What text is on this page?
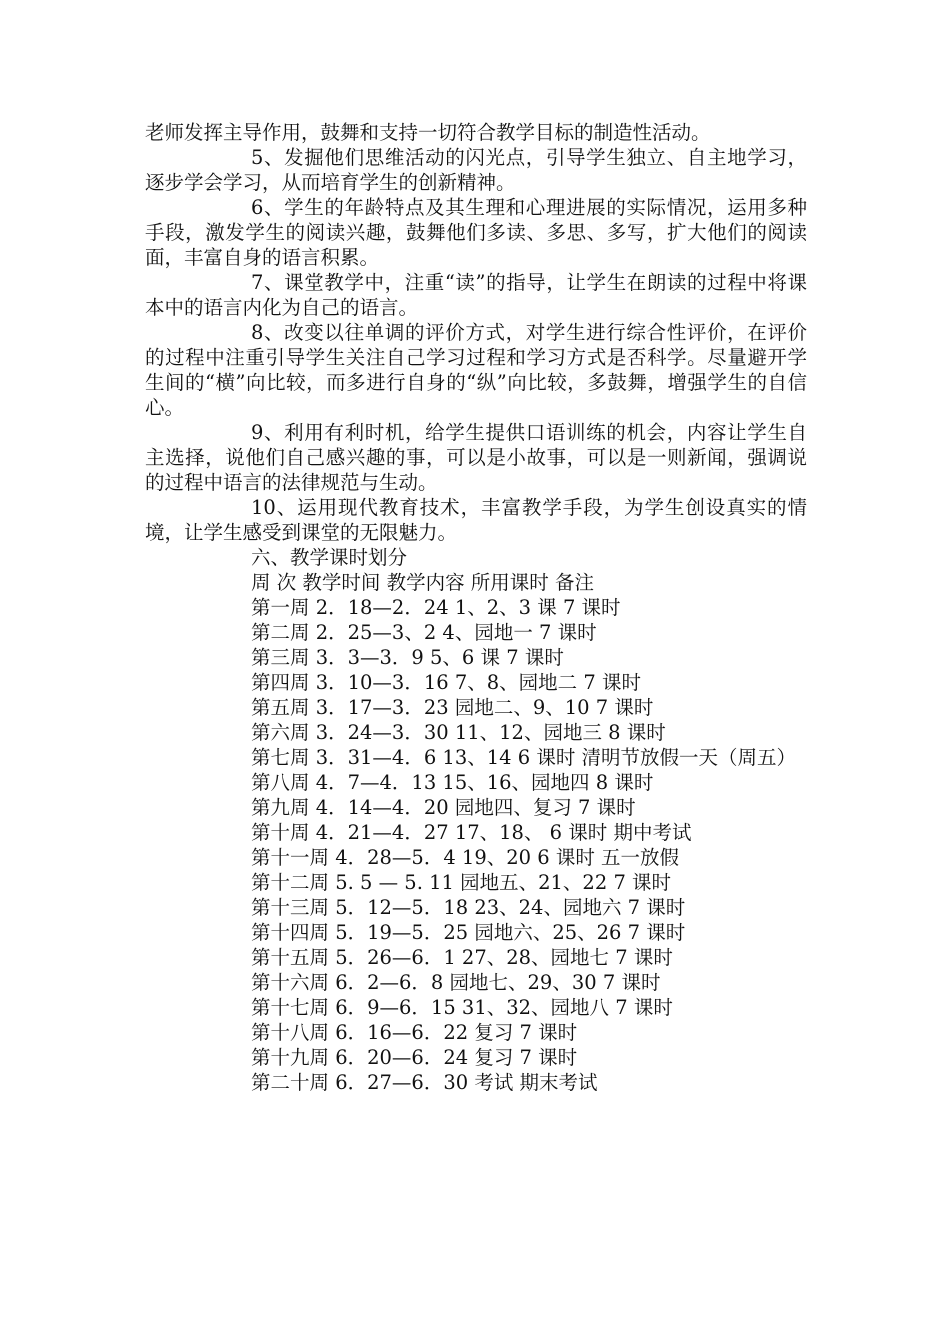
老师发挥主导作用，鼓舞和支持一切符合教学目标的制造性活动。

5、发掘他们思维活动的闪光点，引导学生独立、自主地学习，逐步学会学习，从而培育学生的创新精神。

6、学生的年龄特点及其生理和心理进展的实际情况，运用多种手段，激发学生的阅读兴趣，鼓舞他们多读、多思、多写，扩大他们的阅读面，丰富自身的语言积累。

7、课堂教学中，注重“读”的指导，让学生在朗读的过程中将课本中的语言内化为自己的语言。

8、改变以往单调的评价方式，对学生进行综合性评价，在评价的过程中注重引导学生关注自己学习过程和学习方式是否科学。尽量避开学生间的“横”向比较，而多进行自身的“纵”向比较，多鼓舞，增强学生的自信心。

9、利用有利时机，给学生提供口语训练的机会，内容让学生自主选择，说他们自己感兴趣的事，可以是小故事，可以是一则新闻，强调说的过程中语言的法律规范与生动。

10、运用现代教育技术，丰富教学手段，为学生创设真实的情境，让学生感受到课堂的无限魅力。

六、教学课时划分

周 次 教学时间 教学内容 所用课时 备注

第一周 2．18—2．24 1、2、3 课 7 课时

第二周 2．25—3、2 4、园地一 7 课时

第三周 3．3—3．9 5、6 课 7 课时

第四周 3．10—3．16 7、8、园地二 7 课时

第五周 3．17—3．23 园地二、9、10 7 课时

第六周 3．24—3．30 11、12、园地三 8 课时

第七周 3．31—4．6 13、14 6 课时 清明节放假一天（周五）

第八周 4．7—4．13 15、16、园地四 8 课时

第九周 4．14—4．20 园地四、复习 7 课时

第十周 4．21—4．27 17、18、 6 课时 期中考试

第十一周 4．28—5．4 19、20 6 课时 五一放假

第十二周 5. 5 — 5. 11 园地五、21、22 7 课时

第十三周 5．12—5．18 23、24、园地六 7 课时

第十四周 5．19—5．25 园地六、25、26 7 课时

第十五周 5．26—6．1 27、28、园地七 7 课时

第十六周 6．2—6．8 园地七、29、30 7 课时

第十七周 6．9—6．15 31、32、园地八 7 课时

第十八周 6．16—6．22 复习 7 课时

第十九周 6．20—6．24 复习 7 课时

第二十周 6．27—6．30 考试 期末考试
